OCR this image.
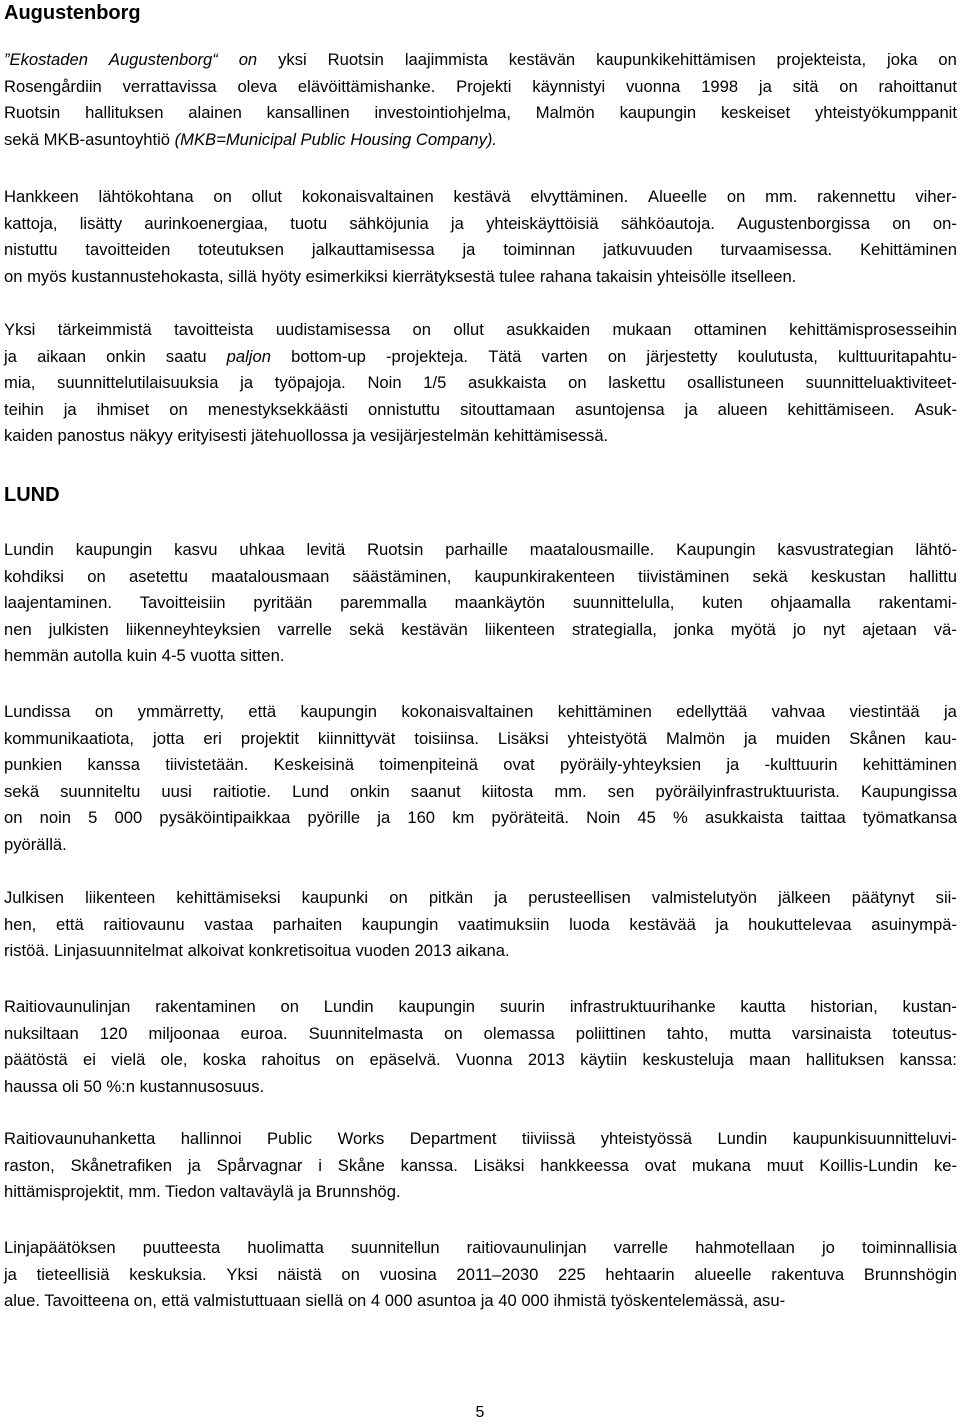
Augustenborg
”Ekostaden Augustenborg“ on yksi Ruotsin laajimmista kestävän kaupunkikehittämisen projekteista, joka on
Rosengårdiin verrattavissa oleva elävöittämishanke. Projekti käynnistyi vuonna 1998 ja sitä on rahoittanut
Ruotsin hallituksen alainen kansallinen investointiohjelma, Malmön kaupungin keskeiset yhteistyökumppanit
sekä MKB-asuntoyhtiö (MKB=Municipal Public Housing Company).
Hankkeen lähtökohtana on ollut kokonaisvaltainen kestävä elvyttäminen. Alueelle on mm. rakennettu viher-
kattoja, lisätty aurinkoenergiaa, tuotu sähköjunia ja yhteiskäyttöisiä sähköautoja. Augustenborgissa on on-
nistuttu tavoitteiden toteutuksen jalkauttamisessa ja toiminnan jatkuvuuden turvaamisessa. Kehittäminen
on myös kustannustehokasta, sillä hyöty esimerkiksi kierrätyksestä tulee rahana takaisin yhteisölle itselleen.
Yksi tärkeimmistä tavoitteista uudistamisessa on ollut asukkaiden mukaan ottaminen kehittämisprosesseihin
ja aikaan onkin saatu paljon bottom-up -projekteja. Tätä varten on järjestetty koulutusta, kulttuuritapahtu-
mia, suunnittelutilaisuuksia ja työpajoja. Noin 1/5 asukkaista on laskettu osallistuneen suunnitteluaktiviteet-
teihin ja ihmiset on menestyksekkäästi onnistuttu sitouttamaan asuntojensa ja alueen kehittämiseen. Asuk-
kaiden panostus näkyy erityisesti jätehuollossa ja vesijärjestelmän kehittämisessä.
LUND
Lundin kaupungin kasvu uhkaa levitä Ruotsin parhaille maatalousmaille. Kaupungin kasvustrategian lähtö-
kohdiksi on asetettu maatalousmaan säästäminen, kaupunkirakenteen tiivistäminen sekä keskustan hallittu
laajentaminen. Tavoitteisiin pyritään paremmalla maankäytön suunnittelulla, kuten ohjaamalla rakentami-
nen julkisten liikenneyhteyksien varrelle sekä kestävän liikenteen strategialla, jonka myötä jo nyt ajetaan vä-
hemmän autolla kuin 4-5 vuotta sitten.
Lundissa on ymmärretty, että kaupungin kokonaisvaltainen kehittäminen edellyttää vahvaa viestintää ja
kommunikaatiota, jotta eri projektit kiinnittyvät toisiinsa. Lisäksi yhteistyötä Malmön ja muiden Skånen kau-
punkien kanssa tiivistetään. Keskeisinä toimenpiteinä ovat pyöräily-yhteyksien ja -kulttuurin kehittäminen
sekä suunniteltu uusi raitiotie. Lund onkin saanut kiitosta mm. sen pyöräilyinfrastruktuurista. Kaupungissa
on noin 5 000 pysäköintipaikkaa pyörille ja 160 km pyöräteitä. Noin 45 % asukkaista taittaa työmatkansa
pyörällä.
Julkisen liikenteen kehittämiseksi kaupunki on pitkän ja perusteellisen valmistelutyön jälkeen päätynyt sii-
hen, että raitiovaunu vastaa parhaiten kaupungin vaatimuksiin luoda kestävää ja houkuttelevaa asuinympä-
ristöä. Linjasuunnitelmat alkoivat konkretisoitua vuoden 2013 aikana.
Raitiovaunulinjan rakentaminen on Lundin kaupungin suurin infrastruktuurihanke kautta historian, kustan-
nuksiltaan 120 miljoonaa euroa. Suunnitelmasta on olemassa poliittinen tahto, mutta varsinaista toteutus-
päätöstä ei vielä ole, koska rahoitus on epäselvä. Vuonna 2013 käytiin keskusteluja maan hallituksen kanssa:
haussa oli 50 %:n kustannusosuus.
Raitiovaunuhanketta hallinnoi Public Works Department tiiviissä yhteistyössä Lundin kaupunkisuunnitteluvi-
raston, Skånetrafiken ja Spårvagnar i Skåne kanssa. Lisäksi hankkeessa ovat mukana muut Koillis-Lundin ke-
hittämisprojektit, mm. Tiedon valtaväylä ja Brunnshög.
Linjapäätöksen puutteesta huolimatta suunnitellun raitiovaunulinjan varrelle hahmotellaan jo toiminnallisia
ja tieteellisiä keskuksia. Yksi näistä on vuosina 2011–2030 225 hehtaarin alueelle rakentuva Brunnshögin
alue. Tavoitteena on, että valmistuttuaan siellä on 4 000 asuntoa ja 40 000 ihmistä työskentelemässä, asu-
5
